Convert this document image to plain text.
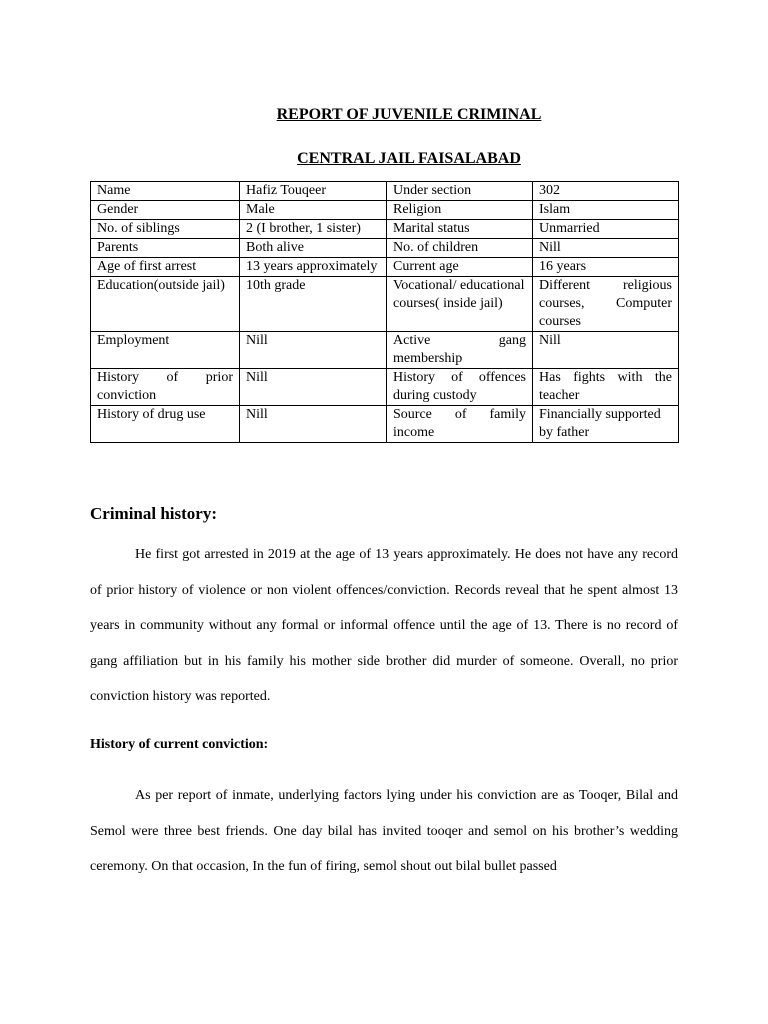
REPORT OF JUVENILE CRIMINAL
CENTRAL JAIL FAISALABAD
Name	Hafiz Touqeer	Under section	302
Gender	Male	Religion	Islam
No. of siblings	2 (I brother, 1 sister)	Marital status	Unmarried
Parents	Both alive	No. of children	Nill
Age of first arrest	13 years approximately	Current age	16 years
Education(outside jail)	10th grade	Vocational/ educational courses( inside jail)	Different religious courses, Computer courses
Employment	Nill	Active gang membership	Nill
History of prior conviction	Nill	History of offences during custody	Has fights with the teacher
History of drug use	Nill	Source of family income	Financially supported by father
Criminal history:

He first got arrested in 2019 at the age of 13 years approximately. He does not have any record of prior history of violence or non violent offences/conviction. Records reveal that he spent almost 13 years in community without any formal or informal offence until the age of 13. There is no record of gang affiliation but in his family his mother side brother did murder of someone. Overall, no prior conviction history was reported.

History of current conviction:

As per report of inmate, underlying factors lying under his conviction are as Tooqer, Bilal and Semol were three best friends. One day bilal has invited tooqer and semol on his brother’s wedding ceremony. On that occasion, In the fun of firing, semol shout out bilal bullet passed
